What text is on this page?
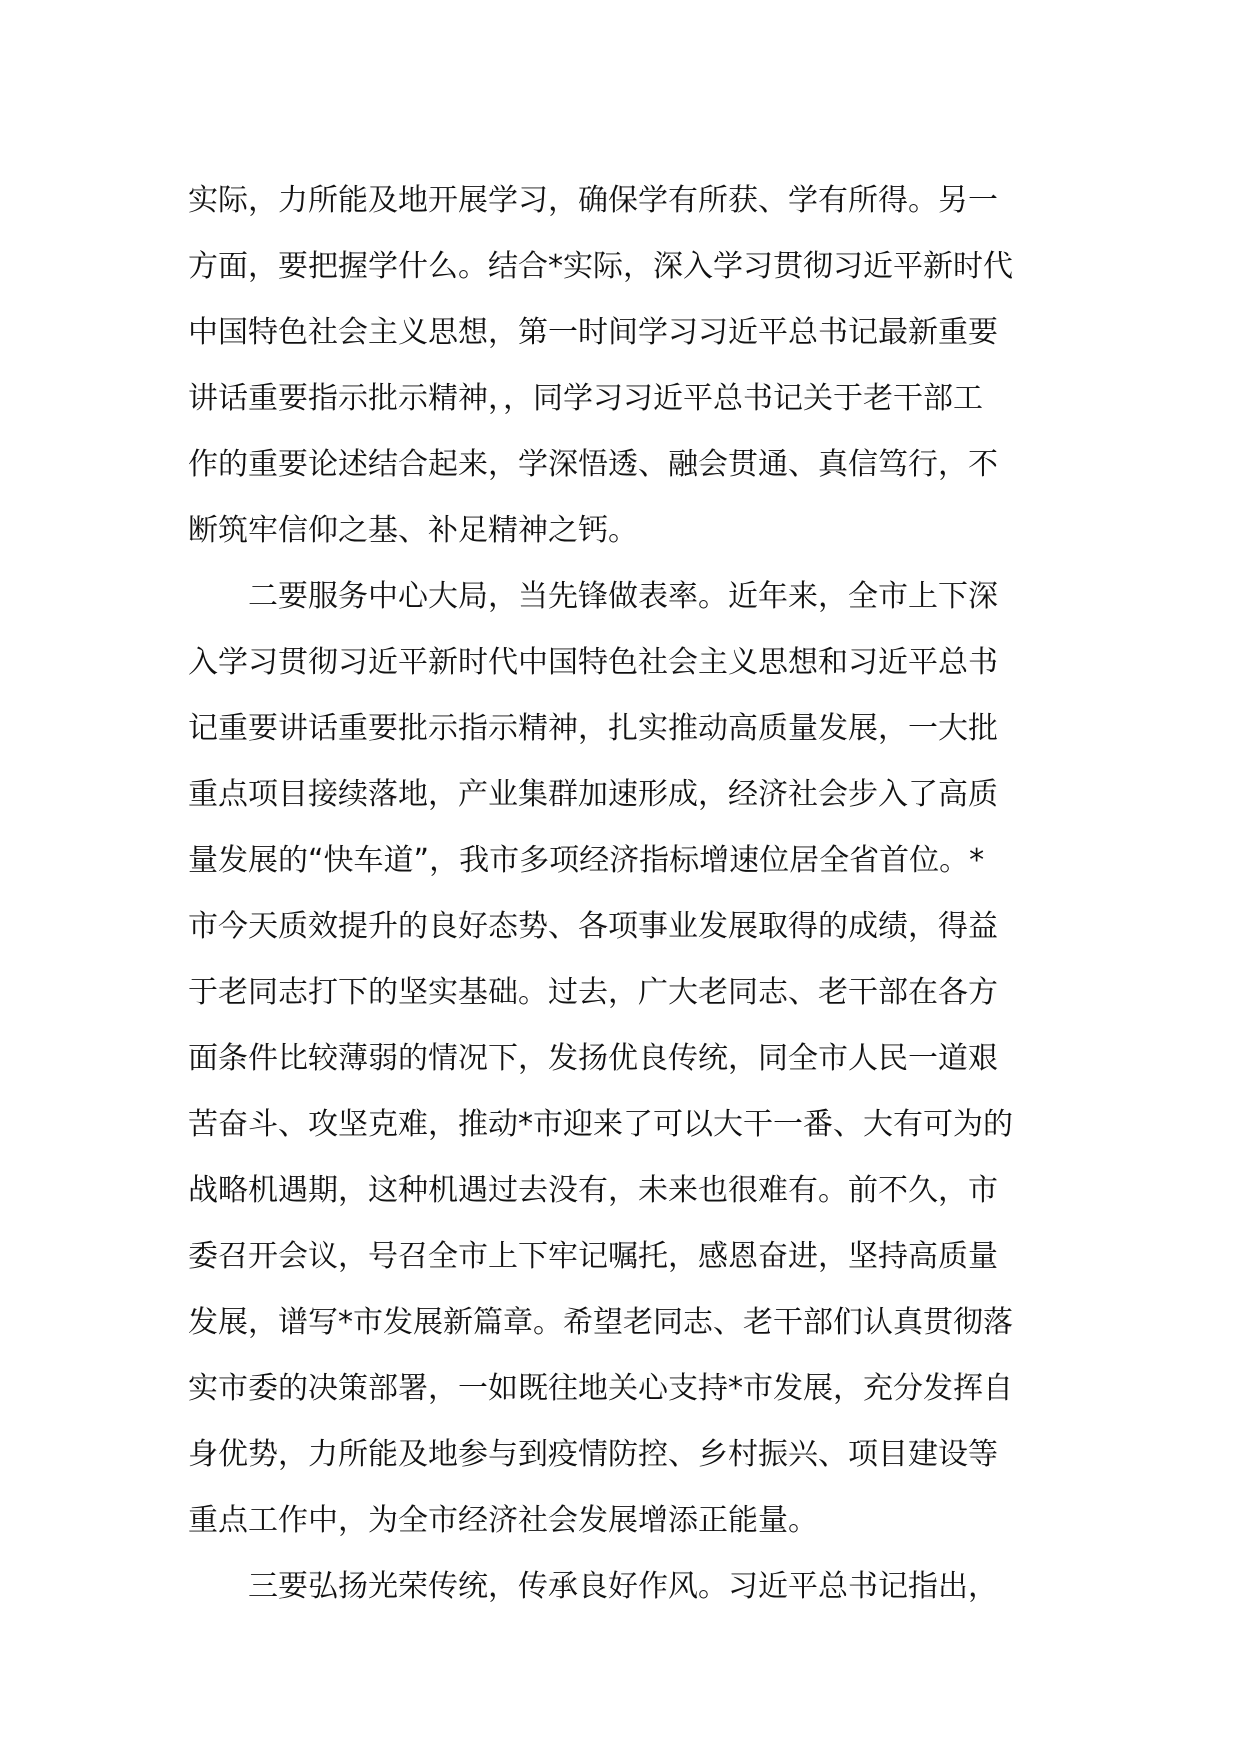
实际，力所能及地开展学习，确保学有所获、学有所得。另一
方面，要把握学什么。结合*实际，深入学习贯彻习近平新时代
中国特色社会主义思想，第一时间学习习近平总书记最新重要
讲话重要指示批示精神，，同学习习近平总书记关于老干部工
作的重要论述结合起来，学深悟透、融会贯通、真信笃行，不
断筑牢信仰之基、补足精神之钙。
　　二要服务中心大局，当先锋做表率。近年来，全市上下深
入学习贯彻习近平新时代中国特色社会主义思想和习近平总书
记重要讲话重要批示指示精神，扎实推动高质量发展，一大批
重点项目接续落地，产业集群加速形成，经济社会步入了高质
量发展的“快车道”，我市多项经济指标增速位居全省首位。*
市今天质效提升的良好态势、各项事业发展取得的成绩，得益
于老同志打下的坚实基础。过去，广大老同志、老干部在各方
面条件比较薄弱的情况下，发扬优良传统，同全市人民一道艰
苦奋斗、攻坚克难，推动*市迎来了可以大干一番、大有可为的
战略机遇期，这种机遇过去没有，未来也很难有。前不久，市
委召开会议，号召全市上下牢记嘱托，感恩奋进，坚持高质量
发展，谱写*市发展新篇章。希望老同志、老干部们认真贯彻落
实市委的决策部署，一如既往地关心支持*市发展，充分发挥自
身优势，力所能及地参与到疫情防控、乡村振兴、项目建设等
重点工作中，为全市经济社会发展增添正能量。
　　三要弘扬光荣传统，传承良好作风。习近平总书记指出，
